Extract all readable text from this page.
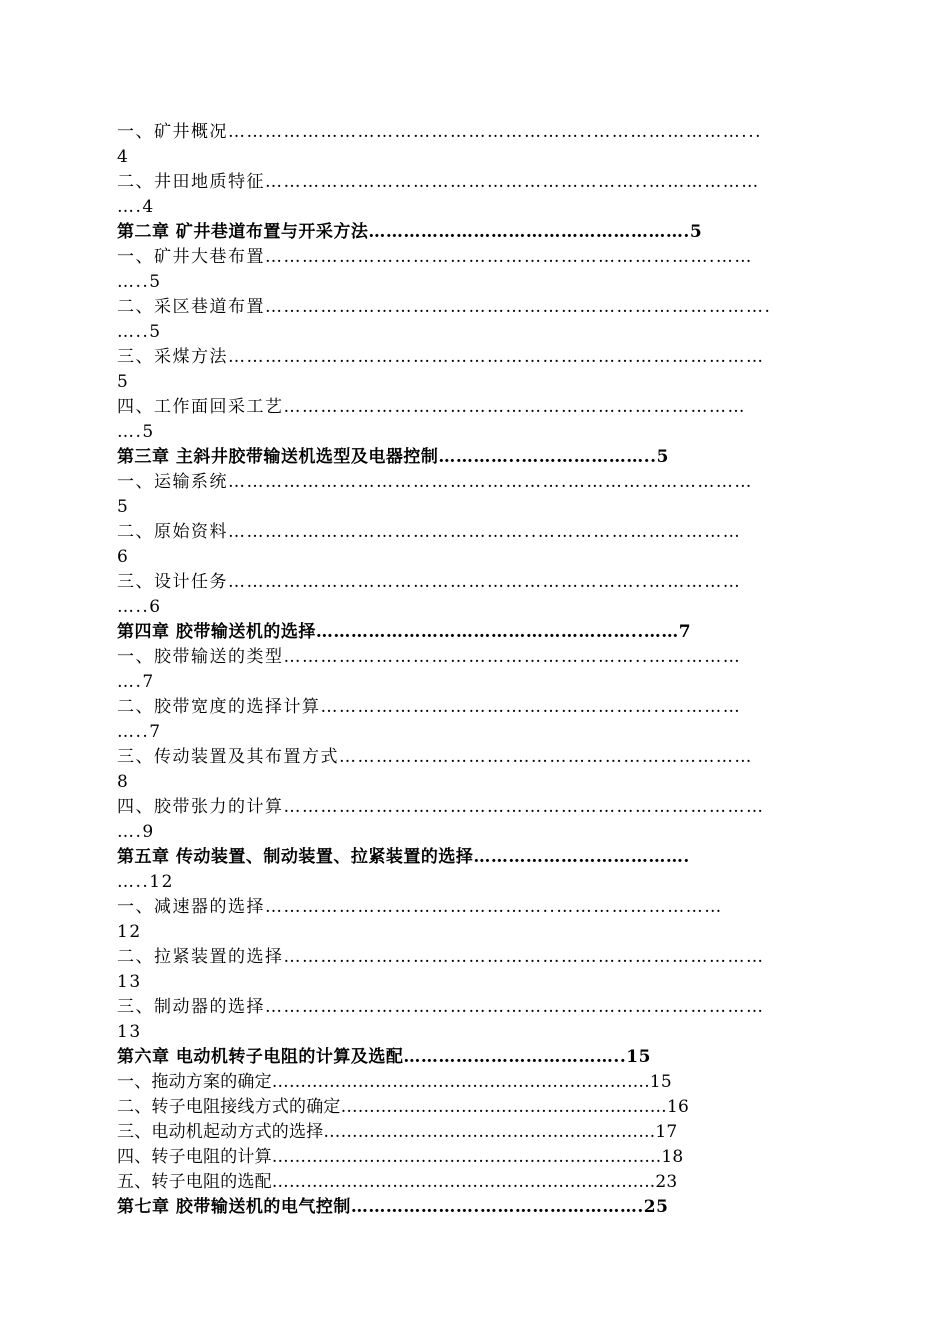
一、矿井概况…………………………………………………..……………………...
4
二、井田地质特征……………………………………………………..………………
….4
第二章 矿井巷道布置与开采方法……………………………………………….5
一、矿井大巷布置……………………………………………………………….……
…..5
二、采区巷道布置……………………………………………………………………….
…..5
三、采煤方法……………………………………………………………………………
5
四、工作面回采工艺…………………………………………………………………
….5
第三章 主斜井胶带输送机选型及电器控制…………..…………………..5
一、运输系统……………………………………………….…………………………
5
二、原始资料…………………………………………..……………………………
6
三、设计任务…………………………………………………………..……………
…..6
第四章 胶带输送机的选择………………………………………………..……7
一、胶带输送的类型…………………………………………………..……………
….7
二、胶带宽度的选择计算………………………………………………..…………
…..7
三、传动装置及其布置方式……………………….…………………………………
8
四、胶带张力的计算……………………………………………………………………
….9
第五章 传动装置、制动装置、拉紧装置的选择……………………………….
…..12
一、减速器的选择………………………………………..………………………
12
二、拉紧装置的选择……………………………………………………………………
13
三、制动器的选择………………………………………………………………………
13
第六章 电动机转子电阻的计算及选配………………………………..15
一、拖动方案的确定……………………………..………………………….15
二、转子电阻接线方式的确定…………………………………….……..……16
三、电动机起动方式的选择……………………………………..…..………17
四、转子电阻的计算…………………………………….…………………….18
五、转子电阻的选配…………………………………………….……….…..23
第七章 胶带输送机的电气控制………………….……………………….25
